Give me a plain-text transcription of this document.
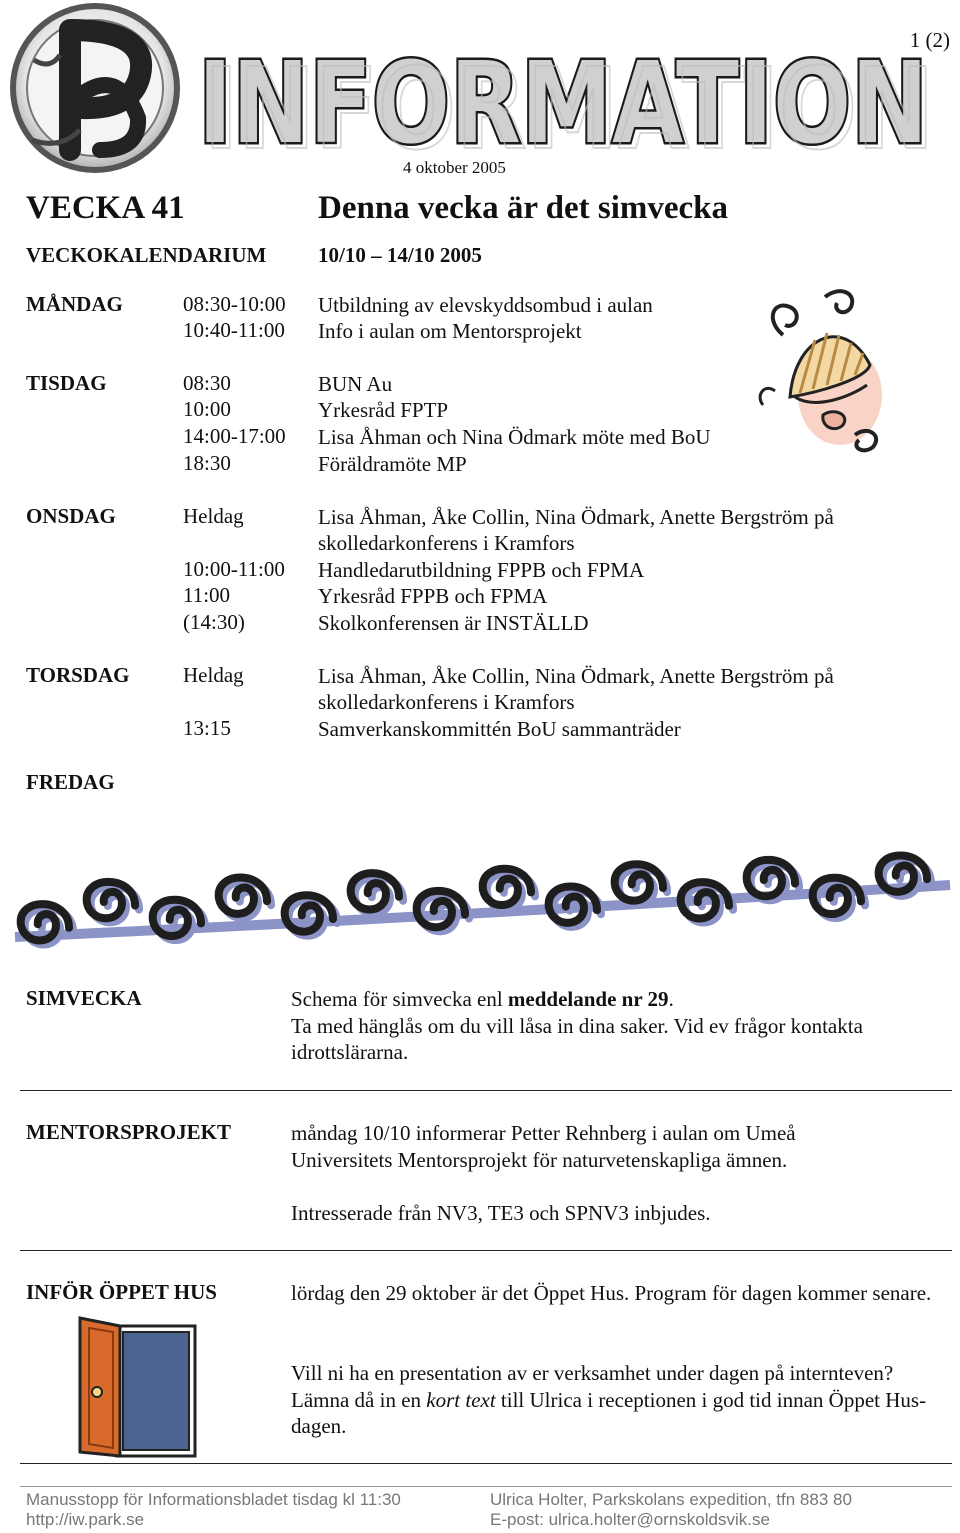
INFORMATION
INFORMATION
1 (2)
4 oktober 2005
VECKA 41	Denna vecka är det simvecka
VECKOKALENDARIUM 10/10 – 14/10 2005
MÅNDAG	08:30-10:00 Utbildning av elevskyddsombud i aulan
10:40-11:00 Info i aulan om Mentorsprojekt
TISDAG	08:30	BUN Au
10:00	Yrkesråd FPTP
14:00-17:00 Lisa Åhman och Nina Ödmark möte med BoU
18:30	Föräldramöte MP
ONSDAG	Heldag	Lisa Åhman, Åke Collin, Nina Ödmark, Anette Bergström på
skolledarkonferens i Kramfors
10:00-11:00 Handledarutbildning FPPB och FPMA
11:00	Yrkesråd FPPB och FPMA
(14:30)	Skolkonferensen är INSTÄLLD
TORSDAG	Heldag	Lisa Åhman, Åke Collin, Nina Ödmark, Anette Bergström på
skolledarkonferens i Kramfors
13:15	Samverkanskommittén BoU sammanträder
FREDAG
SIMVECKA	Schema för simvecka enl meddelande nr 29.
Ta med hänglås om du vill låsa in dina saker. Vid ev frågor kontakta idrottslärarna.
MENTORSPROJEKT	måndag 10/10 informerar Petter Rehnberg i aulan om Umeå Universitets Mentorsprojekt för naturvetenskapliga ämnen.
Intresserade från NV3, TE3 och SPNV3 inbjudes.
INFÖR ÖPPET HUS	lördag den 29 oktober är det Öppet Hus. Program för dagen kommer senare.
Vill ni ha en presentation av er verksamhet under dagen på internteven? Lämna då in en kort text till Ulrica i receptionen i god tid innan Öppet Hus-dagen.
Manusstopp för Informationsbladet tisdag kl 11:30
http://iw.park.se
Ulrica Holter, Parkskolans expedition, tfn 883 80
E-post: ulrica.holter@ornskoldsvik.se
